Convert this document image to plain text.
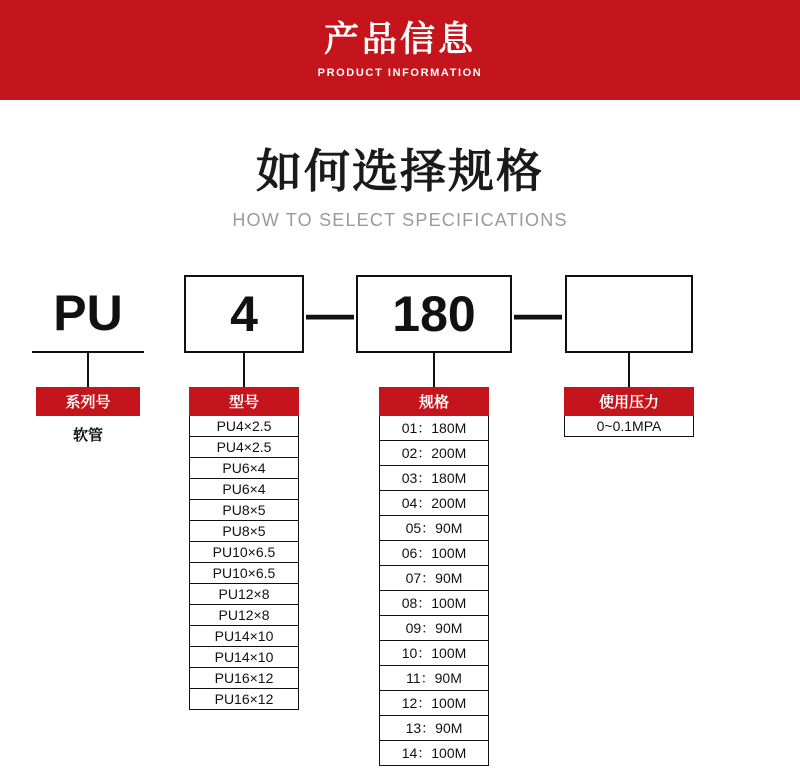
产品信息
PRODUCT INFORMATION
如何选择规格
HOW TO SELECT SPECIFICATIONS
PU
系列号
软管
4
型号
PU4×2.5
PU4×2.5
PU6×4
PU6×4
PU8×5
PU8×5
PU10×6.5
PU10×6.5
PU12×8
PU12×8
PU14×10
PU14×10
PU16×12
PU16×12
— 180
规格
01：180M
02：200M
03：180M
04：200M
05：90M
06：100M
07：90M
08：100M
09：90M
10：100M
11：90M
12：100M
13：90M
14：100M
—
使用压力
0~0.1MPA
